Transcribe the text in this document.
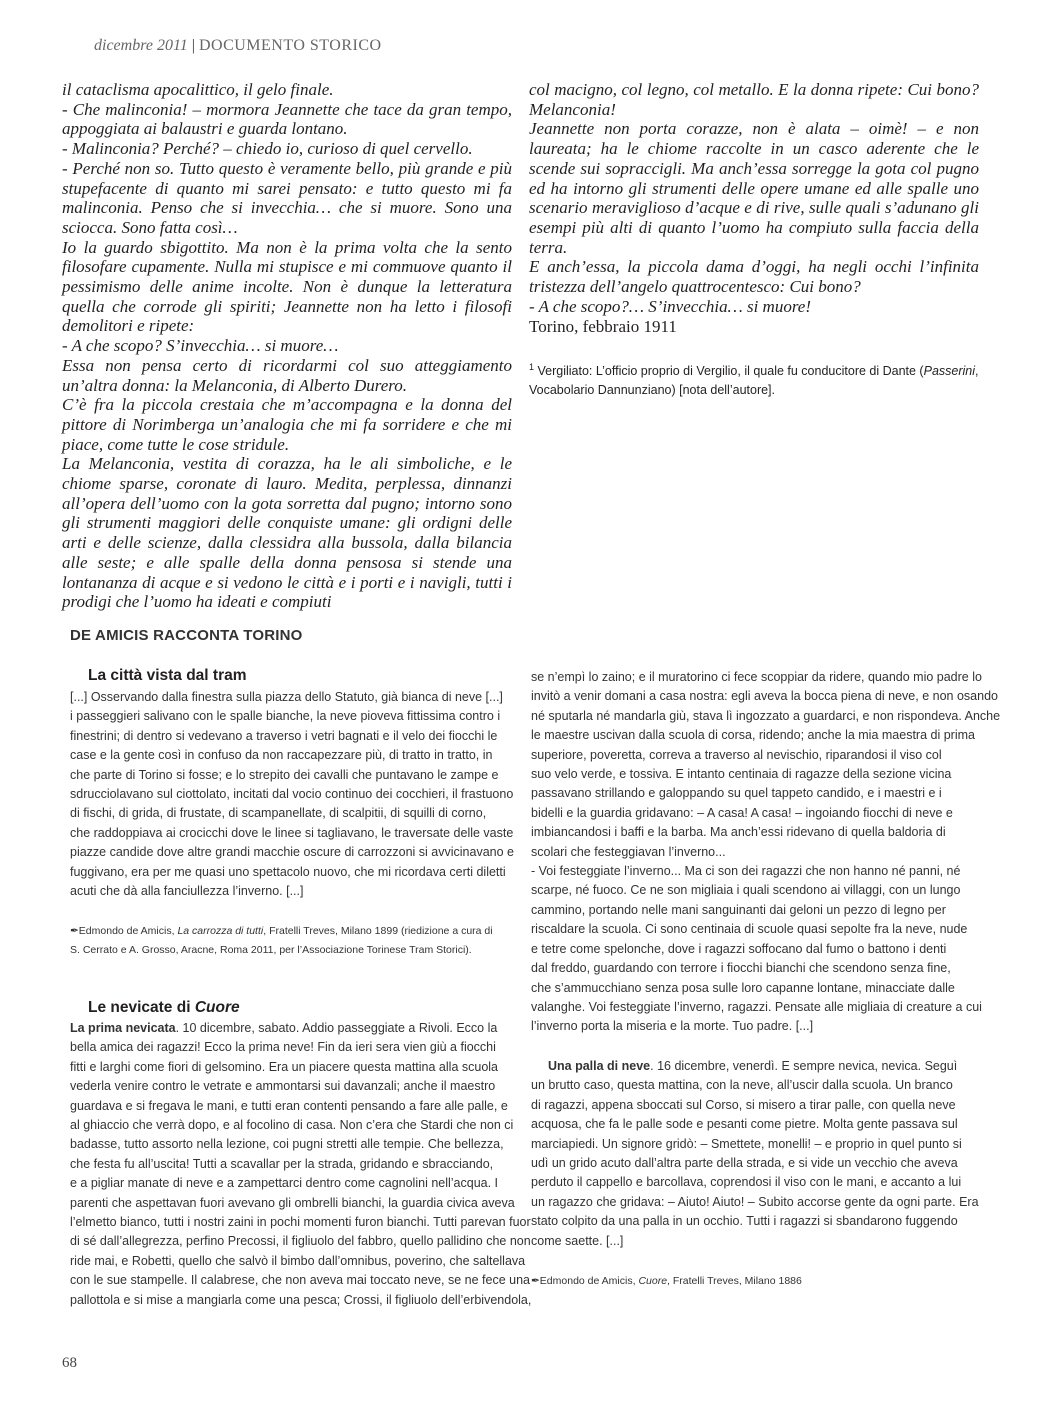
dicembre 2011 | DOCUMENTO STORICO

il cataclisma apocalittico, il gelo finale.

- Che malinconia! – mormora Jeannette che tace da gran tempo, appoggiata ai balaustri e guarda lontano.

- Malinconia? Perché? – chiedo io, curioso di quel cervello.

- Perché non so. Tutto questo è veramente bello, più grande e più stupefacente di quanto mi sarei pensato: e tutto questo mi fa malinconia. Penso che si invecchia… che si muore. Sono una sciocca. Sono fatta così…

Io la guardo sbigottito. Ma non è la prima volta che la sento filosofare cupamente. Nulla mi stupisce e mi commuove quanto il pessimismo delle anime incolte. Non è dunque la letteratura quella che corrode gli spiriti; Jeannette non ha letto i filosofi demolitori e ripete:

- A che scopo? S’invecchia… si muore…

Essa non pensa certo di ricordarmi col suo atteggiamento un’altra donna: la Melanconia, di Alberto Durero.

C’è fra la piccola crestaia che m’accompagna e la donna del pittore di Norimberga un’analogia che mi fa sorridere e che mi piace, come tutte le cose stridule.

La Melanconia, vestita di corazza, ha le ali simboliche, e le chiome sparse, coronate di lauro. Medita, perplessa, dinnanzi all’opera dell’uomo con la gota sorretta dal pugno; intorno sono gli strumenti maggiori delle conquiste umane: gli ordigni delle arti e delle scienze, dalla clessidra alla bussola, dalla bilancia alle seste; e alle spalle della donna pensosa si stende una lontananza di acque e si vedono le città e i porti e i navigli, tutti i prodigi che l’uomo ha ideati e compiuti

col macigno, col legno, col metallo. E la donna ripete: Cui bono? Melanconia!

Jeannette non porta corazze, non è alata – oimè! – e non laureata; ha le chiome raccolte in un casco aderente che le scende sui sopraccigli. Ma anch’essa sorregge la gota col pugno ed ha intorno gli strumenti delle opere umane ed alle spalle uno scenario meraviglioso d’acque e di rive, sulle quali s’adunano gli esempi più alti di quanto l’uomo ha compiuto sulla faccia della terra.

E anch’essa, la piccola dama d’oggi, ha negli occhi l’infinita tristezza dell’angelo quattrocentesco: Cui bono?

- A che scopo?… S’invecchia… si muore!

Torino, febbraio 1911
$^1$ Vergiliato: L’officio proprio di Vergilio, il quale fu conducitore di Dante (Passerini, Vocabolario Dannunziano) [nota dell’autore].
DE AMICIS RACCONTA TORINO
La città vista dal tram
[...] Osservando dalla finestra sulla piazza dello Statuto, già bianca di neve [...]
i passeggieri salivano con le spalle bianche, la neve pioveva fittissima contro i
finestrini; di dentro si vedevano a traverso i vetri bagnati e il velo dei fiocchi le
case e la gente così in confuso da non raccapezzare più, di tratto in tratto, in
che parte di Torino si fosse; e lo strepito dei cavalli che puntavano le zampe e
sdrucciolavano sul ciottolato, incitati dal vocio continuo dei cocchieri, il frastuono
di fischi, di grida, di frustate, di scampanellate, di scalpitii, di squilli di corno,
che raddoppiava ai crocicchi dove le linee si tagliavano, le traversate delle vaste
piazze candide dove altre grandi macchie oscure di carrozzoni si avvicinavano e
fuggivano, era per me quasi uno spettacolo nuovo, che mi ricordava certi diletti
acuti che dà alla fanciullezza l’inverno. [...]
✒Edmondo de Amicis, La carrozza di tutti, Fratelli Treves, Milano 1899 (riedizione a cura di
S. Cerrato e A. Grosso, Aracne, Roma 2011, per l’Associazione Torinese Tram Storici).
Le nevicate di Cuore
La prima nevicata. 10 dicembre, sabato. Addio passeggiate a Rivoli. Ecco la
bella amica dei ragazzi! Ecco la prima neve! Fin da ieri sera vien giù a fiocchi
fitti e larghi come fiori di gelsomino. Era un piacere questa mattina alla scuola
vederla venire contro le vetrate e ammontarsi sui davanzali; anche il maestro
guardava e si fregava le mani, e tutti eran contenti pensando a fare alle palle, e
al ghiaccio che verrà dopo, e al focolino di casa. Non c’era che Stardi che non ci
badasse, tutto assorto nella lezione, coi pugni stretti alle tempie. Che bellezza,
che festa fu all’uscita! Tutti a scavallar per la strada, gridando e sbracciando,
e a pigliar manate di neve e a zampettarci dentro come cagnolini nell’acqua. I
parenti che aspettavan fuori avevano gli ombrelli bianchi, la guardia civica aveva
l’elmetto bianco, tutti i nostri zaini in pochi momenti furon bianchi. Tutti parevan fuor
di sé dall’allegrezza, perfino Precossi, il figliuolo del fabbro, quello pallidino che non
ride mai, e Robetti, quello che salvò il bimbo dall’omnibus, poverino, che saltellava
con le sue stampelle. Il calabrese, che non aveva mai toccato neve, se ne fece una
pallottola e si mise a mangiarla come una pesca; Crossi, il figliuolo dell’erbivendola,
se n’empì lo zaino; e il muratorino ci fece scoppiar da ridere, quando mio padre lo
invitò a venir domani a casa nostra: egli aveva la bocca piena di neve, e non osando
né sputarla né mandarla giù, stava lì ingozzato a guardarci, e non rispondeva. Anche
le maestre uscivan dalla scuola di corsa, ridendo; anche la mia maestra di prima
superiore, poveretta, correva a traverso al nevischio, riparandosi il viso col
suo velo verde, e tossiva. E intanto centinaia di ragazze della sezione vicina
passavano strillando e galoppando su quel tappeto candido, e i maestri e i
bidelli e la guardia gridavano: – A casa! A casa! – ingoiando fiocchi di neve e
imbiancandosi i baffi e la barba. Ma anch’essi ridevano di quella baldoria di
scolari che festeggiavan l’inverno...
- Voi festeggiate l’inverno... Ma ci son dei ragazzi che non hanno né panni, né
scarpe, né fuoco. Ce ne son migliaia i quali scendono ai villaggi, con un lungo
cammino, portando nelle mani sanguinanti dai geloni un pezzo di legno per
riscaldare la scuola. Ci sono centinaia di scuole quasi sepolte fra la neve, nude
e tetre come spelonche, dove i ragazzi soffocano dal fumo o battono i denti
dal freddo, guardando con terrore i fiocchi bianchi che scendono senza fine,
che s’ammucchiano senza posa sulle loro capanne lontane, minacciate dalle
valanghe. Voi festeggiate l’inverno, ragazzi. Pensate alle migliaia di creature a cui
l’inverno porta la miseria e la morte. Tuo padre. [...]
Una palla di neve. 16 dicembre, venerdì. E sempre nevica, nevica. Seguì
un brutto caso, questa mattina, con la neve, all’uscir dalla scuola. Un branco
di ragazzi, appena sboccati sul Corso, si misero a tirar palle, con quella neve
acquosa, che fa le palle sode e pesanti come pietre. Molta gente passava sul
marciapiedi. Un signore gridò: – Smettete, monelli! – e proprio in quel punto si
udì un grido acuto dall’altra parte della strada, e si vide un vecchio che aveva
perduto il cappello e barcollava, coprendosi il viso con le mani, e accanto a lui
un ragazzo che gridava: – Aiuto! Aiuto! – Subito accorse gente da ogni parte. Era
stato colpito da una palla in un occhio. Tutti i ragazzi si sbandarono fuggendo
come saette. [...]
✒Edmondo de Amicis, Cuore, Fratelli Treves, Milano 1886
68
